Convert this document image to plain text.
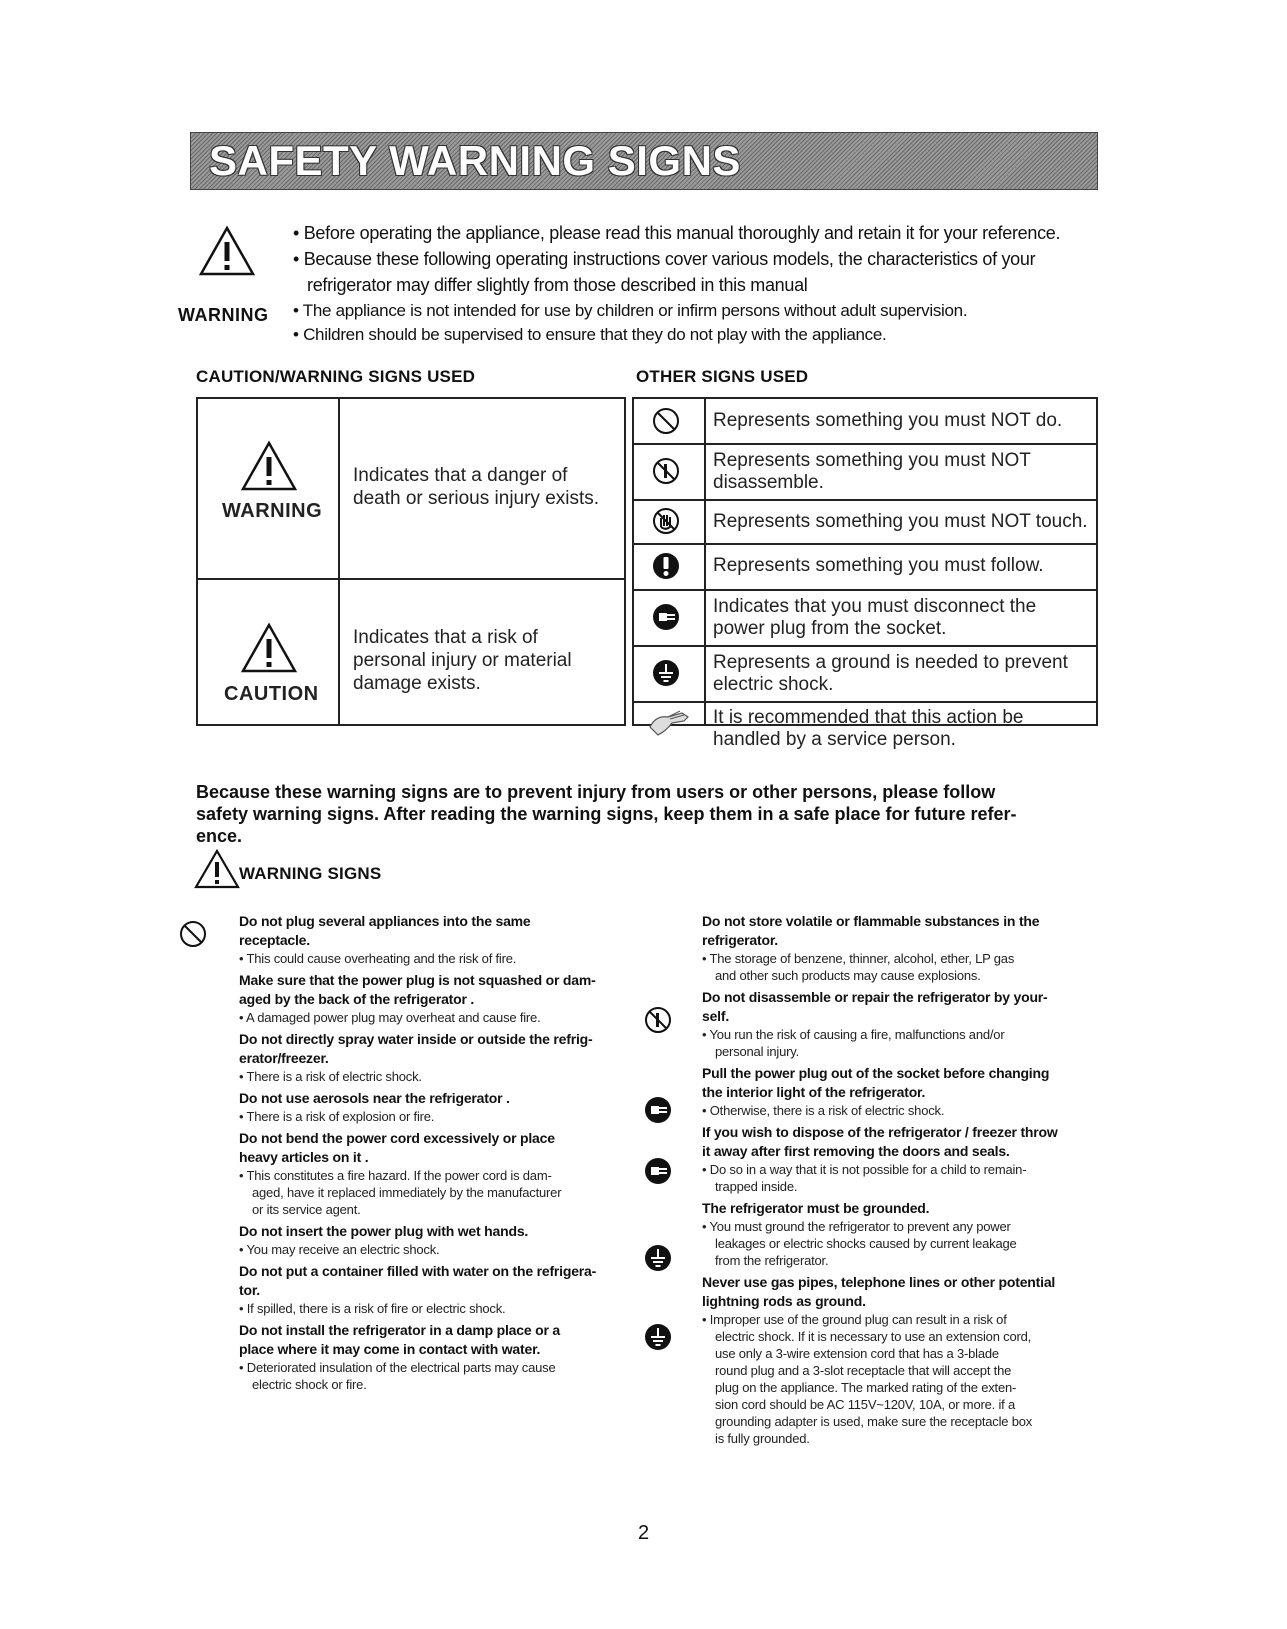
SAFETY WARNING SIGNS
WARNING
• Before operating the appliance, please read this manual thoroughly and retain it for your reference.
• Because these following operating instructions cover various models, the characteristics of your
refrigerator may differ slightly from those described in this manual
• The appliance is not intended for use by children or infirm persons without adult supervision.
• Children should be supervised to ensure that they do not play with the appliance.
CAUTION/WARNING SIGNS USED	OTHER SIGNS USED
WARNING
Indicates that a danger of
death or serious injury exists.
CAUTION
Indicates that a risk of
personal injury or material
damage exists.
Represents something you must NOT do.
Represents something you must NOT
disassemble.
Represents something you must NOT touch.
Represents something you must follow.
Indicates that you must disconnect the
power plug from the socket.
Represents a ground is needed to prevent
electric shock.
It is recommended that this action be
handled by a service person.
Because these warning signs are to prevent injury from users or other persons, please follow
safety warning signs. After reading the warning signs, keep them in a safe place for future refer-
ence.
WARNING SIGNS
Do not plug several appliances into the same
receptacle.
• This could cause overheating and the risk of fire.
Make sure that the power plug is not squashed or dam-
aged by the back of the refrigerator .
• A damaged power plug may overheat and cause fire.
Do not directly spray water inside or outside the refrig-
erator/freezer.
• There is a risk of electric shock.
Do not use aerosols near the refrigerator .
• There is a risk of explosion or fire.
Do not bend the power cord excessively or place
heavy articles on it .
• This constitutes a fire hazard. If the power cord is dam-
aged, have it replaced immediately by the manufacturer
or its service agent.
Do not insert the power plug with wet hands.
• You may receive an electric shock.
Do not put a container filled with water on the refrigera-
tor.
• If spilled, there is a risk of fire or electric shock.
Do not install the refrigerator in a damp place or a
place where it may come in contact with water.
• Deteriorated insulation of the electrical parts may cause
electric shock or fire.
Do not store volatile or flammable substances in the
refrigerator.
• The storage of benzene, thinner, alcohol, ether, LP gas
and other such products may cause explosions.
Do not disassemble or repair the refrigerator by your-
self.
• You run the risk of causing a fire, malfunctions and/or
personal injury.
Pull the power plug out of the socket before changing
the interior light of the refrigerator.
• Otherwise, there is a risk of electric shock.
If you wish to dispose of the refrigerator / freezer throw
it away after first removing the doors and seals.
• Do so in a way that it is not possible for a child to remain-
trapped inside.
The refrigerator must be grounded.
• You must ground the refrigerator to prevent any power
leakages or electric shocks caused by current leakage
from the refrigerator.
Never use gas pipes, telephone lines or other potential
lightning rods as ground.
• Improper use of the ground plug can result in a risk of
electric shock. If it is necessary to use an extension cord,
use only a 3-wire extension cord that has a 3-blade
round plug and a 3-slot receptacle that will accept the
plug on the appliance. The marked rating of the exten-
sion cord should be AC 115V~120V, 10A, or more. if a
grounding adapter is used, make sure the receptacle box
is fully grounded.
2
